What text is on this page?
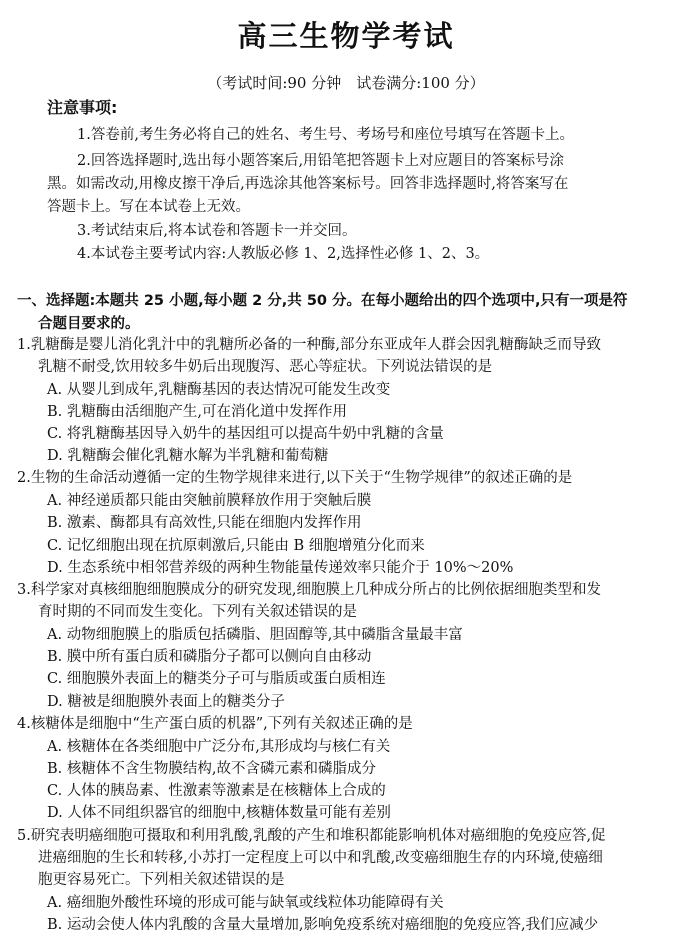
高三生物学考试
（考试时间:90 分钟　试卷满分:100 分）
注意事项:
1.答卷前,考生务必将自己的姓名、考生号、考场号和座位号填写在答题卡上。
2.回答选择题时,选出每小题答案后,用铅笔把答题卡上对应题目的答案标号涂
黑。如需改动,用橡皮擦干净后,再选涂其他答案标号。回答非选择题时,将答案写在
答题卡上。写在本试卷上无效。
3.考试结束后,将本试卷和答题卡一并交回。
4.本试卷主要考试内容:人教版必修 1、2,选择性必修 1、2、3。
一、选择题:本题共 25 小题,每小题 2 分,共 50 分。在每小题给出的四个选项中,只有一项是符
合题目要求的。
1.乳糖酶是婴儿消化乳汁中的乳糖所必备的一种酶,部分东亚成年人群会因乳糖酶缺乏而导致
乳糖不耐受,饮用较多牛奶后出现腹泻、恶心等症状。下列说法错误的是
A. 从婴儿到成年,乳糖酶基因的表达情况可能发生改变
B. 乳糖酶由活细胞产生,可在消化道中发挥作用
C. 将乳糖酶基因导入奶牛的基因组可以提高牛奶中乳糖的含量
D. 乳糖酶会催化乳糖水解为半乳糖和葡萄糖
2.生物的生命活动遵循一定的生物学规律来进行,以下关于“生物学规律”的叙述正确的是
A. 神经递质都只能由突触前膜释放作用于突触后膜
B. 激素、酶都具有高效性,只能在细胞内发挥作用
C. 记忆细胞出现在抗原刺激后,只能由 B 细胞增殖分化而来
D. 生态系统中相邻营养级的两种生物能量传递效率只能介于 10%～20%
3.科学家对真核细胞细胞膜成分的研究发现,细胞膜上几种成分所占的比例依据细胞类型和发
育时期的不同而发生变化。下列有关叙述错误的是
A. 动物细胞膜上的脂质包括磷脂、胆固醇等,其中磷脂含量最丰富
B. 膜中所有蛋白质和磷脂分子都可以侧向自由移动
C. 细胞膜外表面上的糖类分子可与脂质或蛋白质相连
D. 糖被是细胞膜外表面上的糖类分子
4.核糖体是细胞中“生产蛋白质的机器”,下列有关叙述正确的是
A. 核糖体在各类细胞中广泛分布,其形成均与核仁有关
B. 核糖体不含生物膜结构,故不含磷元素和磷脂成分
C. 人体的胰岛素、性激素等激素是在核糖体上合成的
D. 人体不同组织器官的细胞中,核糖体数量可能有差别
5.研究表明癌细胞可摄取和利用乳酸,乳酸的产生和堆积都能影响机体对癌细胞的免疫应答,促
进癌细胞的生长和转移,小苏打一定程度上可以中和乳酸,改变癌细胞生存的内环境,使癌细
胞更容易死亡。下列相关叙述错误的是
A. 癌细胞外酸性环境的形成可能与缺氧或线粒体功能障碍有关
B. 运动会使人体内乳酸的含量大量增加,影响免疫系统对癌细胞的免疫应答,我们应减少
